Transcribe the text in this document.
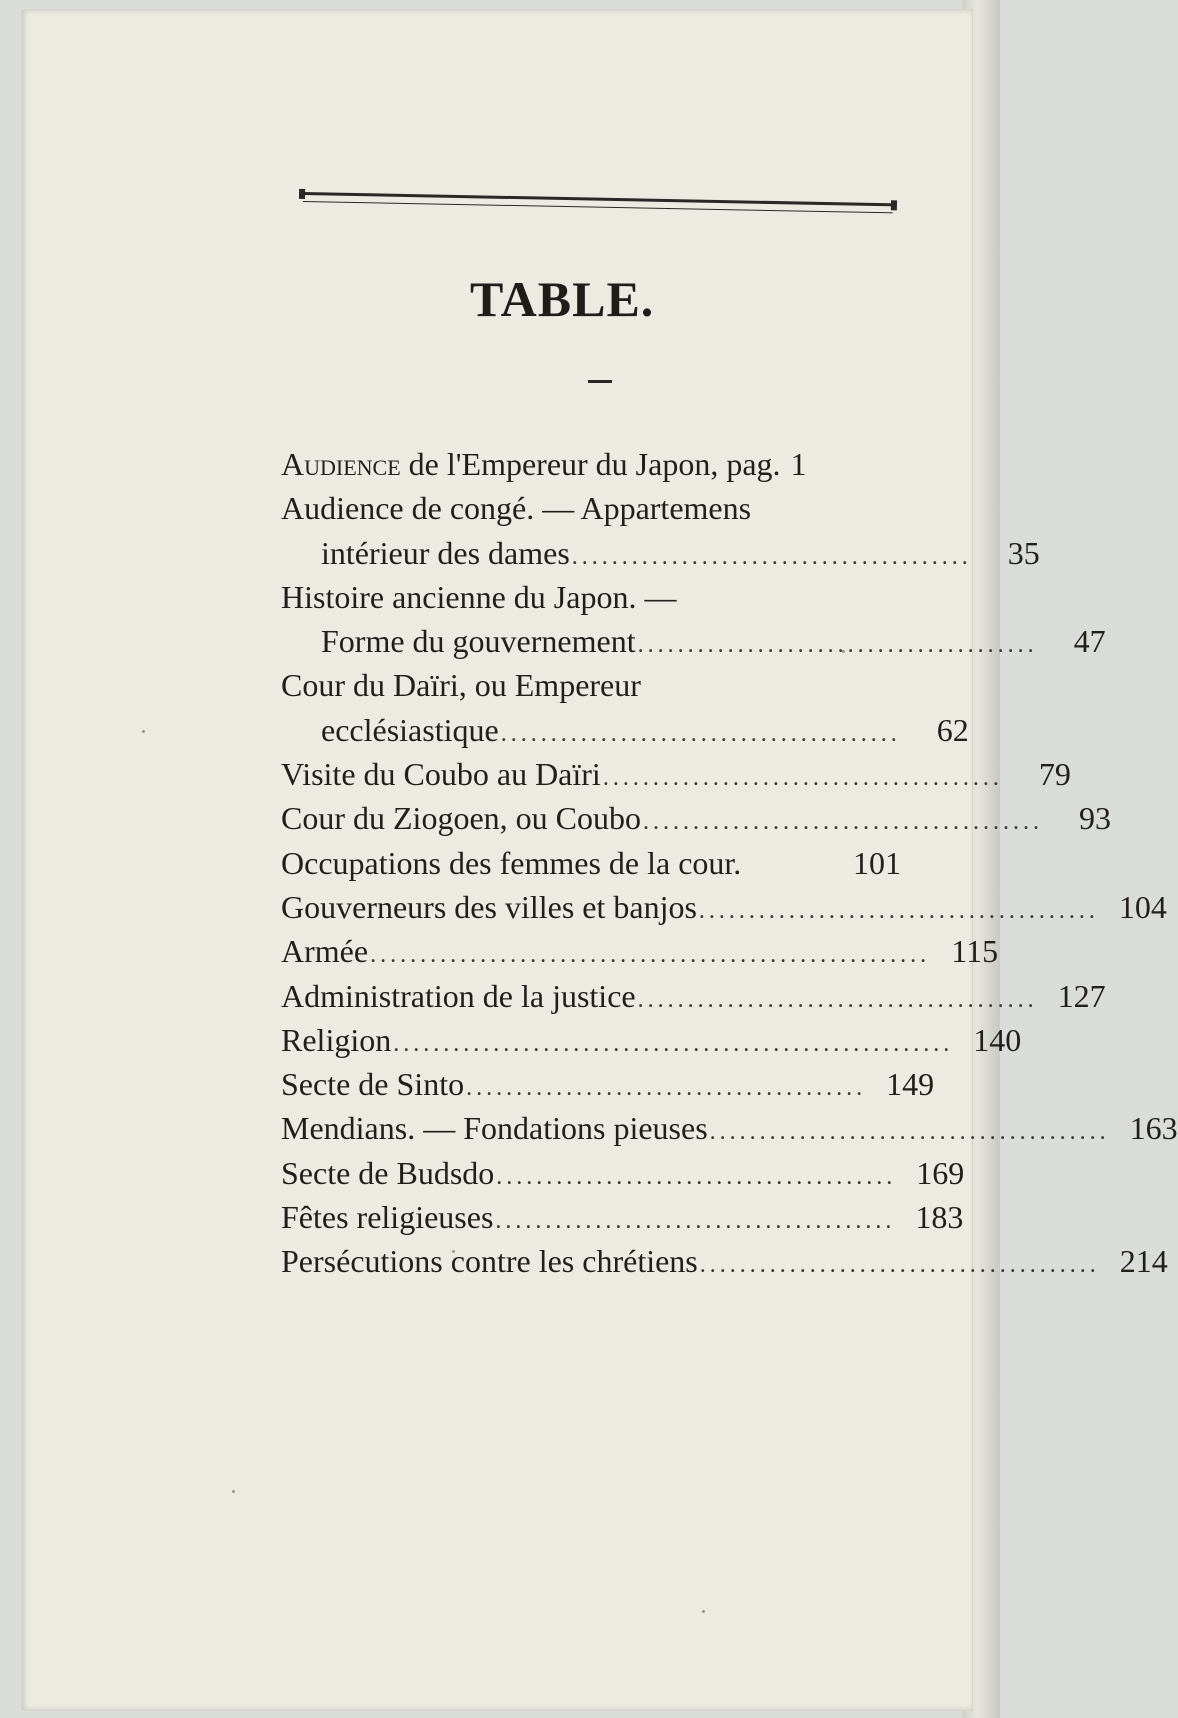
TABLE.
Audience de l'Empereur du Japon, pag. 1
Audience de congé. — Appartemens
intérieur des dames ........................................	35
Histoire ancienne du Japon. —
Forme du gouvernement ........................................	47
Cour du Daïri, ou Empereur
ecclésiastique ........................................	62
Visite du Coubo au Daïri ........................................	79
Cour du Ziogoen, ou Coubo ........................................	93
Occupations des femmes de la cour.	101
Gouverneurs des villes et banjos ........................................ 104
Armée ........................................................ 115
Administration de la justice ........................................ 127
Religion ........................................................ 140
Secte de Sinto ........................................ 149
Mendians. — Fondations pieuses ........................................ 163
Secte de Budsdo ........................................ 169
Fêtes religieuses ........................................ 183
Persécutions contre les chrétiens ........................................ 214
